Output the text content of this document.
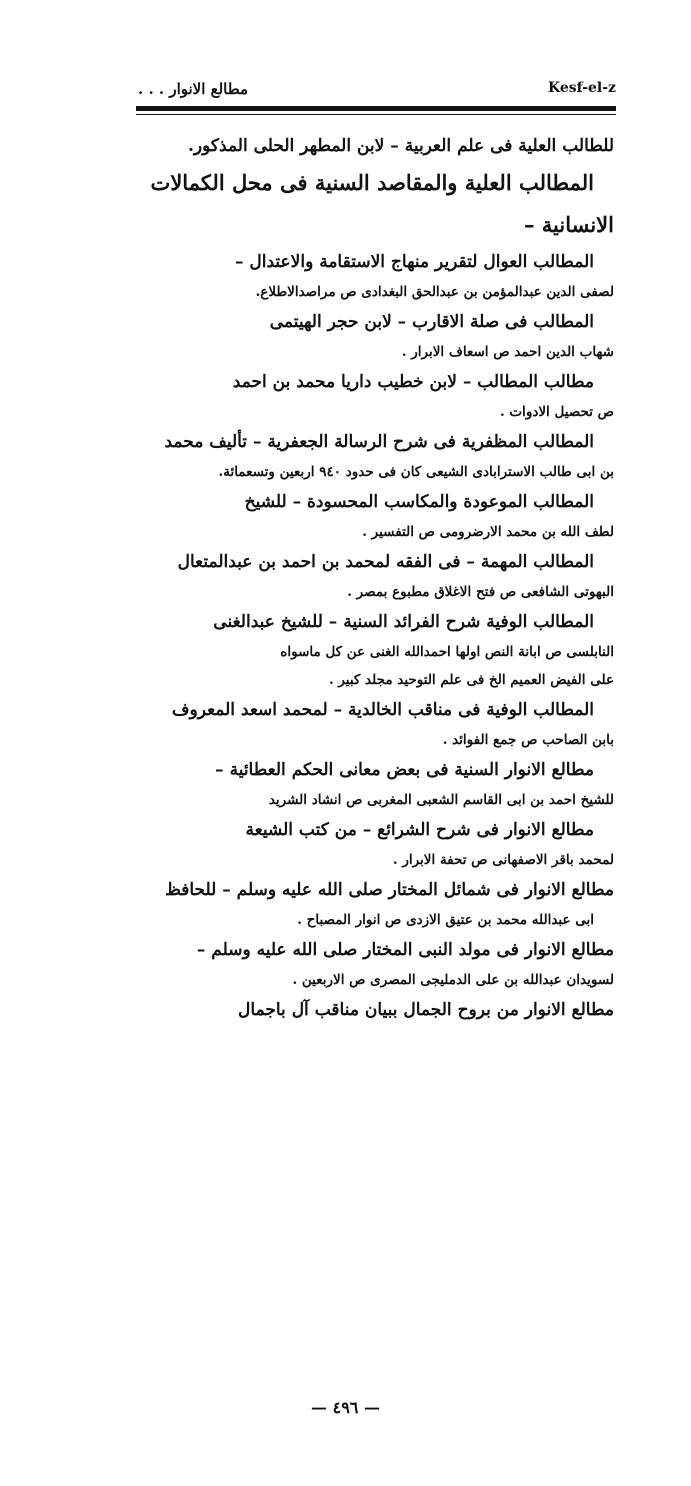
مطالع الانوار . . .	Kesf-el-z
للطالب العلية فى علم العربية – لابن المطهر الحلى المذكور.
المطالب العلية والمقاصد السنية فى محل الكمالات
الانسانية –
المطالب العوال لتقرير منهاج الاستقامة والاعتدال –
لصفى الدين عبدالمؤمن بن عبدالحق البغدادى ص مراصدالاطلاع.
المطالب فى صلة الاقارب – لابن حجر الهيتمى
شهاب الدين احمد ص اسعاف الابرار .
مطالب المطالب – لابن خطيب داريا محمد بن احمد
ص تحصيل الادوات .
المطالب المظفرية فى شرح الرسالة الجعفرية – تأليف محمد
بن ابى طالب الاسترابادى الشيعى كان فى حدود ٩٤٠ اربعين وتسعمائة.
المطالب الموعودة والمكاسب المحسودة – للشيخ
لطف الله بن محمد الارضرومى ص التفسير .
المطالب المهمة – فى الفقه لمحمد بن احمد بن عبدالمتعال
البهوتى الشافعى ص فتح الاغلاق مطبوع بمصر .
المطالب الوفية شرح الفرائد السنية – للشيخ عبدالغنى
النابلسى ص ابانة النص اولها احمدالله الغنى عن كل ماسواه
على الفيض العميم الخ فى علم التوحيد مجلد كبير .
المطالب الوفية فى مناقب الخالدية – لمحمد اسعد المعروف
بابن الصاحب ص جمع الفوائد .
مطالع الانوار السنية فى بعض معانى الحكم العطائية –
للشيخ احمد بن ابى القاسم الشعبى المغربى ص انشاد الشريد
مطالع الانوار فى شرح الشرائع – من كتب الشيعة
لمحمد باقر الاصفهانى ص تحفة الابرار .
مطالع الانوار فى شمائل المختار صلى الله عليه وسلم – للحافظ
ابى عبدالله محمد بن عتيق الازدى ص انوار المصباح .
مطالع الانوار فى مولد النبى المختار صلى الله عليه وسلم –
لسويدان عبدالله بن على الدمليجى المصرى ص الاربعين .
مطالع الانوار من بروح الجمال ببيان مناقب آل باجمال
— ٤٩٦ —
